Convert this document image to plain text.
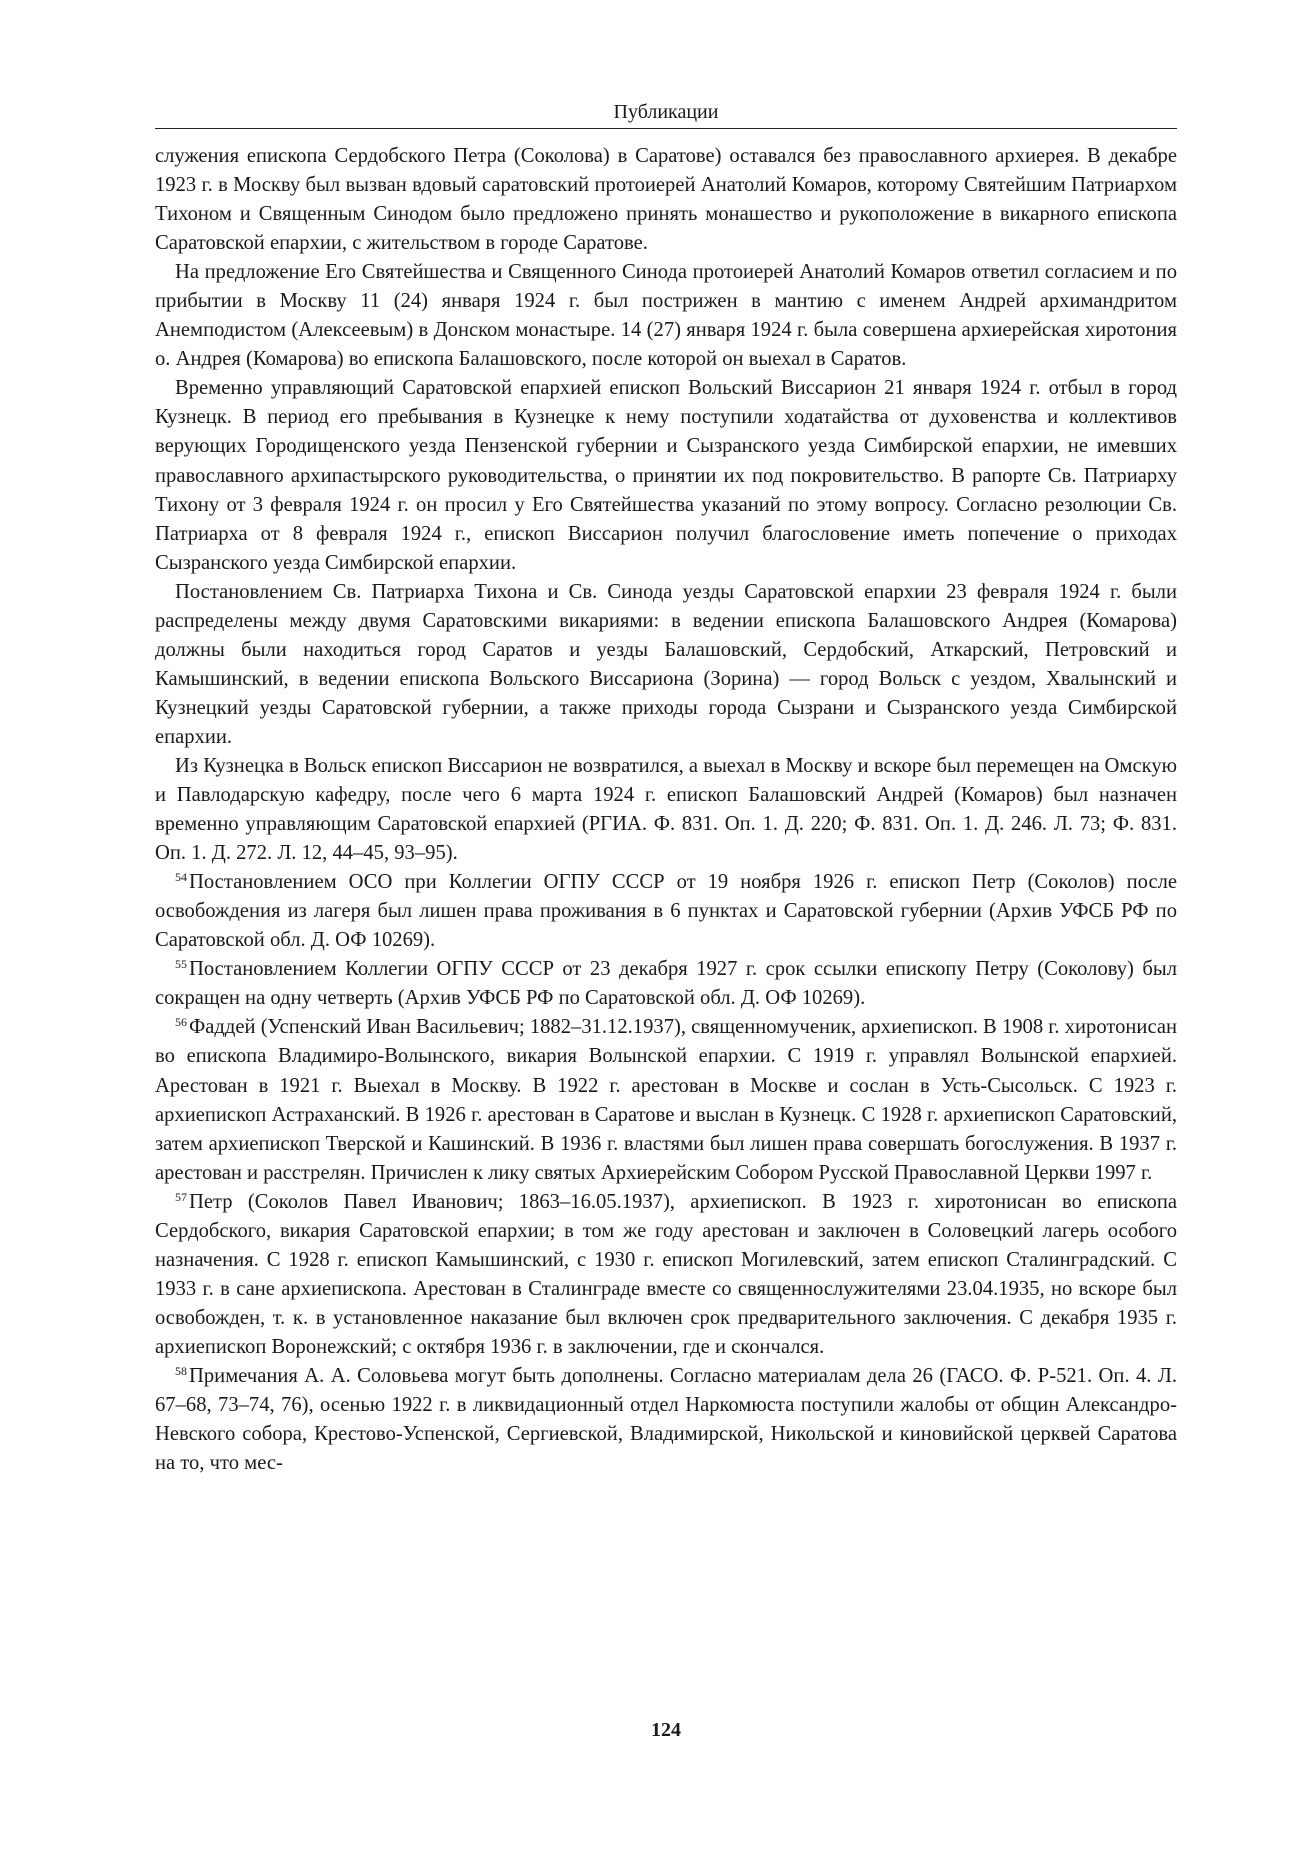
Публикации

служения епископа Сердобского Петра (Соколова) в Саратове) оставался без православного архиерея. В декабре 1923 г. в Москву был вызван вдовый саратовский протоиерей Анатолий Комаров, которому Святейшим Патриархом Тихоном и Священным Синодом было предложено принять монашество и рукоположение в викарного епископа Саратовской епархии, с жительством в городе Саратове.

На предложение Его Святейшества и Священного Синода протоиерей Анатолий Комаров ответил согласием и по прибытии в Москву 11 (24) января 1924 г. был пострижен в мантию с именем Андрей архимандритом Анемподистом (Алексеевым) в Донском монастыре. 14 (27) января 1924 г. была совершена архиерейская хиротония о. Андрея (Комарова) во епископа Балашовского, после которой он выехал в Саратов.

Временно управляющий Саратовской епархией епископ Вольский Виссарион 21 января 1924 г. отбыл в город Кузнецк. В период его пребывания в Кузнецке к нему поступили ходатайства от духовенства и коллективов верующих Городищенского уезда Пензенской губернии и Сызранского уезда Симбирской епархии, не имевших православного архипастырского руководительства, о принятии их под покровительство. В рапорте Св. Патриарху Тихону от 3 февраля 1924 г. он просил у Его Святейшества указаний по этому вопросу. Согласно резолюции Св. Патриарха от 8 февраля 1924 г., епископ Виссарион получил благословение иметь попечение о приходах Сызранского уезда Симбирской епархии.

Постановлением Св. Патриарха Тихона и Св. Синода уезды Саратовской епархии 23 февраля 1924 г. были распределены между двумя Саратовскими викариями: в ведении епископа Балашовского Андрея (Комарова) должны были находиться город Саратов и уезды Балашовский, Сердобский, Аткарский, Петровский и Камышинский, в ведении епископа Вольского Виссариона (Зорина) — город Вольск с уездом, Хвалынский и Кузнецкий уезды Саратовской губернии, а также приходы города Сызрани и Сызранского уезда Симбирской епархии.

Из Кузнецка в Вольск епископ Виссарион не возвратился, а выехал в Москву и вскоре был перемещен на Омскую и Павлодарскую кафедру, после чего 6 марта 1924 г. епископ Балашовский Андрей (Комаров) был назначен временно управляющим Саратовской епархией (РГИА. Ф. 831. Оп. 1. Д. 220; Ф. 831. Оп. 1. Д. 246. Л. 73; Ф. 831. Оп. 1. Д. 272. Л. 12, 44–45, 93–95).

$^{54}$Постановлением ОСО при Коллегии ОГПУ СССР от 19 ноября 1926 г. епископ Петр (Соколов) после освобождения из лагеря был лишен права проживания в 6 пунктах и Саратовской губернии (Архив УФСБ РФ по Саратовской обл. Д. ОФ 10269).

$^{55}$Постановлением Коллегии ОГПУ СССР от 23 декабря 1927 г. срок ссылки епископу Петру (Соколову) был сокращен на одну четверть (Архив УФСБ РФ по Саратовской обл. Д. ОФ 10269).

$^{56}$Фаддей (Успенский Иван Васильевич; 1882–31.12.1937), священномученик, архиепископ. В 1908 г. хиротонисан во епископа Владимиро-Волынского, викария Волынской епархии. С 1919 г. управлял Волынской епархией. Арестован в 1921 г. Выехал в Москву. В 1922 г. арестован в Москве и сослан в Усть-Сысольск. С 1923 г. архиепископ Астраханский. В 1926 г. арестован в Саратове и выслан в Кузнецк. С 1928 г. архиепископ Саратовский, затем архиепископ Тверской и Кашинский. В 1936 г. властями был лишен права совершать богослужения. В 1937 г. арестован и расстрелян. Причислен к лику святых Архиерейским Собором Русской Православной Церкви 1997 г.

$^{57}$Петр (Соколов Павел Иванович; 1863–16.05.1937), архиепископ. В 1923 г. хиротонисан во епископа Сердобского, викария Саратовской епархии; в том же году арестован и заключен в Соловецкий лагерь особого назначения. С 1928 г. епископ Камышинский, с 1930 г. епископ Могилевский, затем епископ Сталинградский. С 1933 г. в сане архиепископа. Арестован в Сталинграде вместе со священнослужителями 23.04.1935, но вскоре был освобожден, т. к. в установленное наказание был включен срок предварительного заключения. С декабря 1935 г. архиепископ Воронежский; с октября 1936 г. в заключении, где и скончался.

$^{58}$Примечания А. А. Соловьева могут быть дополнены. Согласно материалам дела 26 (ГАСО. Ф. Р-521. Оп. 4. Л. 67–68, 73–74, 76), осенью 1922 г. в ликвидационный отдел Наркомюста поступили жалобы от общин Александро-Невского собора, Крестово-Успенской, Сергиевской, Владимирской, Никольской и киновийской церквей Саратова на то, что мес-

124
